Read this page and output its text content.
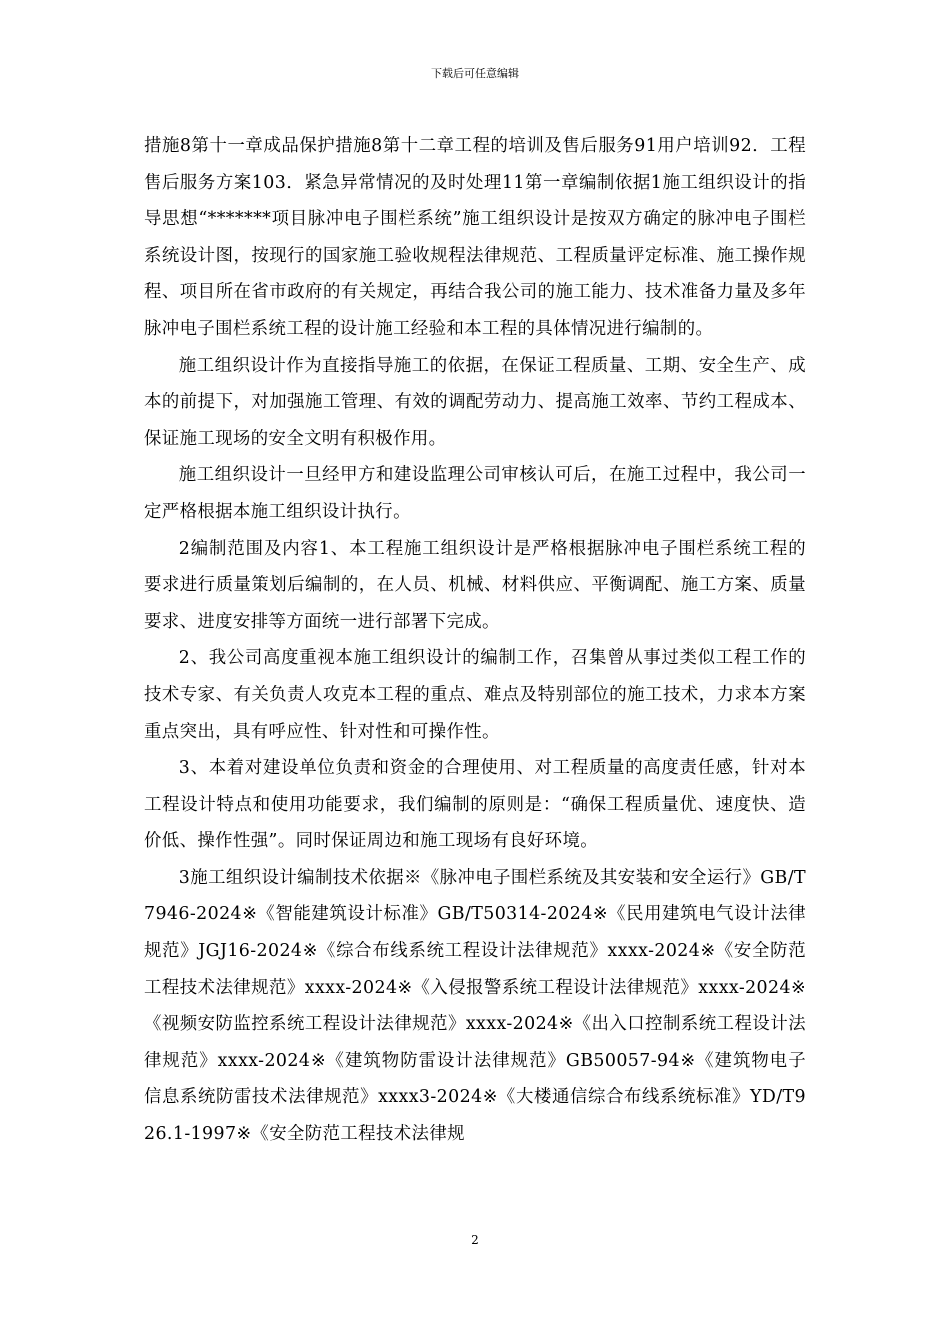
下载后可任意编辑

措施8第十一章成品保护措施8第十二章工程的培训及售后服务91用户培训92．工程售后服务方案103．紧急异常情况的及时处理11第一章编制依据1施工组织设计的指导思想“*******项目脉冲电子围栏系统”施工组织设计是按双方确定的脉冲电子围栏系统设计图，按现行的国家施工验收规程法律规范、工程质量评定标准、施工操作规程、项目所在省市政府的有关规定，再结合我公司的施工能力、技术准备力量及多年脉冲电子围栏系统工程的设计施工经验和本工程的具体情况进行编制的。

施工组织设计作为直接指导施工的依据，在保证工程质量、工期、安全生产、成本的前提下，对加强施工管理、有效的调配劳动力、提高施工效率、节约工程成本、保证施工现场的安全文明有积极作用。

施工组织设计一旦经甲方和建设监理公司审核认可后，在施工过程中，我公司一定严格根据本施工组织设计执行。

2编制范围及内容1、本工程施工组织设计是严格根据脉冲电子围栏系统工程的要求进行质量策划后编制的，在人员、机械、材料供应、平衡调配、施工方案、质量要求、进度安排等方面统一进行部署下完成。

2、我公司高度重视本施工组织设计的编制工作，召集曾从事过类似工程工作的技术专家、有关负责人攻克本工程的重点、难点及特别部位的施工技术，力求本方案重点突出，具有呼应性、针对性和可操作性。

3、本着对建设单位负责和资金的合理使用、对工程质量的高度责任感，针对本工程设计特点和使用功能要求，我们编制的原则是：“确保工程质量优、速度快、造价低、操作性强”。同时保证周边和施工现场有良好环境。

3施工组织设计编制技术依据※《脉冲电子围栏系统及其安装和安全运行》GB/T7946-2024※《智能建筑设计标准》GB/T50314-2024※《民用建筑电气设计法律规范》JGJ16-2024※《综合布线系统工程设计法律规范》xxxx-2024※《安全防范工程技术法律规范》xxxx-2024※《入侵报警系统工程设计法律规范》xxxx-2024※《视频安防监控系统工程设计法律规范》xxxx-2024※《出入口控制系统工程设计法律规范》xxxx-2024※《建筑物防雷设计法律规范》GB50057-94※《建筑物电子信息系统防雷技术法律规范》xxxx3-2024※《大楼通信综合布线系统标准》YD/T926.1-1997※《安全防范工程技术法律规

2
